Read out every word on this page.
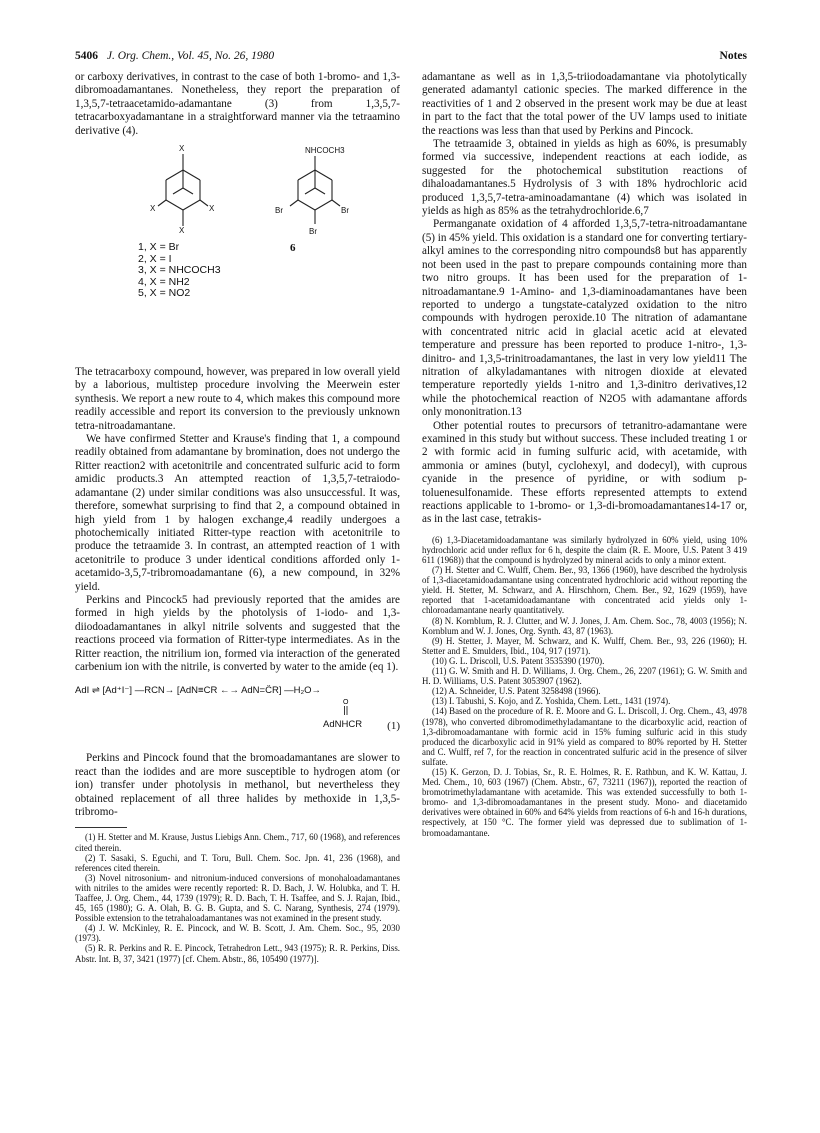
5406 J. Org. Chem., Vol. 45, No. 26, 1980	Notes

or carboxy derivatives, in contrast to the case of both 1-bromo- and 1,3-dibromoadamantanes. Nonetheless, they report the preparation of 1,3,5,7-tetraacetamido-adamantane (3) from 1,3,5,7-tetracarboxyadamantane in a straightforward manner via the tetraamino derivative (4).

X
X	X
X
NHCOCH3
Br	Br
Br
1, X = Br
2, X = I
3, X = NHCOCH3
4, X = NH2
5, X = NO2
6

The tetracarboxy compound, however, was prepared in low overall yield by a laborious, multistep procedure involving the Meerwein ester synthesis. We report a new route to 4, which makes this compound more readily accessible and report its conversion to the previously unknown tetra-nitroadamantane.

We have confirmed Stetter and Krause's finding that 1, a compound readily obtained from adamantane by bromination, does not undergo the Ritter reaction2 with acetonitrile and concentrated sulfuric acid to form amidic products.3 An attempted reaction of 1,3,5,7-tetraiodo-adamantane (2) under similar conditions was also unsuccessful. It was, therefore, somewhat surprising to find that 2, a compound obtained in high yield from 1 by halogen exchange,4 readily undergoes a photochemically initiated Ritter-type reaction with acetonitrile to produce the tetraamide 3. In contrast, an attempted reaction of 1 with acetonitrile to produce 3 under identical conditions afforded only 1-acetamido-3,5,7-tribromoadamantane (6), a new compound, in 32% yield.

Perkins and Pincock5 had previously reported that the amides are formed in high yields by the photolysis of 1-iodo- and 1,3-diiodoadamantanes in alkyl nitrile solvents and suggested that the reactions proceed via formation of Ritter-type intermediates. As in the Ritter reaction, the nitrilium ion, formed via interaction of the generated carbenium ion with the nitrile, is converted by water to the amide (eq 1).

AdI ⇌ [Ad⁺I⁻] —RCN→ [AdN≡CR ←→ AdN=C̈R] —H₂O→
O
AdNHCR (1)

Perkins and Pincock found that the bromoadamantanes are slower to react than the iodides and are more susceptible to hydrogen atom (or ion) transfer under photolysis in methanol, but nevertheless they obtained replacement of all three halides by methoxide in 1,3,5-tribromo-

(1) H. Stetter and M. Krause, Justus Liebigs Ann. Chem., 717, 60 (1968), and references cited therein.

(2) T. Sasaki, S. Eguchi, and T. Toru, Bull. Chem. Soc. Jpn. 41, 236 (1968), and references cited therein.

(3) Novel nitrosonium- and nitronium-induced conversions of monohaloadamantanes with nitriles to the amides were recently reported: R. D. Bach, J. W. Holubka, and T. H. Taaffee, J. Org. Chem., 44, 1739 (1979); R. D. Bach, T. H. Tsaffee, and S. J. Rajan, Ibid., 45, 165 (1980); G. A. Olah, B. G. B. Gupta, and S. C. Narang, Synthesis, 274 (1979). Possible extension to the tetrahaloadamantanes was not examined in the present study.

(4) J. W. McKinley, R. E. Pincock, and W. B. Scott, J. Am. Chem. Soc., 95, 2030 (1973).

(5) R. R. Perkins and R. E. Pincock, Tetrahedron Lett., 943 (1975); R. R. Perkins, Diss. Abstr. Int. B, 37, 3421 (1977) [cf. Chem. Abstr., 86, 105490 (1977)].

adamantane as well as in 1,3,5-triiodoadamantane via photolytically generated adamantyl cationic species. The marked difference in the reactivities of 1 and 2 observed in the present work may be due at least in part to the fact that the total power of the UV lamps used to initiate the reactions was less than that used by Perkins and Pincock.

The tetraamide 3, obtained in yields as high as 60%, is presumably formed via successive, independent reactions at each iodide, as suggested for the photochemical substitution reactions of dihaloadamantanes.5 Hydrolysis of 3 with 18% hydrochloric acid produced 1,3,5,7-tetra-aminoadamantane (4) which was isolated in yields as high as 85% as the tetrahydrochloride.6,7

Permanganate oxidation of 4 afforded 1,3,5,7-tetra-nitroadamantane (5) in 45% yield. This oxidation is a standard one for converting tertiary-alkyl amines to the corresponding nitro compounds8 but has apparently not been used in the past to prepare compounds containing more than two nitro groups. It has been used for the preparation of 1-nitroadamantane.9 1-Amino- and 1,3-diaminoadamantanes have been reported to undergo a tungstate-catalyzed oxidation to the nitro compounds with hydrogen peroxide.10 The nitration of adamantane with concentrated nitric acid in glacial acetic acid at elevated temperature and pressure has been reported to produce 1-nitro-, 1,3-dinitro- and 1,3,5-trinitroadamantanes, the last in very low yield11 The nitration of alkyladamantanes with nitrogen dioxide at elevated temperature reportedly yields 1-nitro and 1,3-dinitro derivatives,12 while the photochemical reaction of N2O5 with adamantane affords only mononitration.13

Other potential routes to precursors of tetranitro-adamantane were examined in this study but without success. These included treating 1 or 2 with formic acid in fuming sulfuric acid, with acetamide, with ammonia or amines (butyl, cyclohexyl, and dodecyl), with cuprous cyanide in the presence of pyridine, or with sodium p-toluenesulfonamide. These efforts represented attempts to extend reactions applicable to 1-bromo- or 1,3-di-bromoadamantanes14-17 or, as in the last case, tetrakis-

(6) 1,3-Diacetamidoadamantane was similarly hydrolyzed in 60% yield, using 10% hydrochloric acid under reflux for 6 h, despite the claim (R. E. Moore, U.S. Patent 3 419 611 (1968)) that the compound is hydrolyzed by mineral acids to only a minor extent.

(7) H. Stetter and C. Wulff, Chem. Ber., 93, 1366 (1960), have described the hydrolysis of 1,3-diacetamidoadamantane using concentrated hydrochloric acid without reporting the yield. H. Stetter, M. Schwarz, and A. Hirschhorn, Chem. Ber., 92, 1629 (1959), have reported that 1-acetamidoadamantane with concentrated acid yields only 1-chloroadamantane nearly quantitatively.

(8) N. Kornblum, R. J. Clutter, and W. J. Jones, J. Am. Chem. Soc., 78, 4003 (1956); N. Kornblum and W. J. Jones, Org. Synth. 43, 87 (1963).

(9) H. Stetter, J. Mayer, M. Schwarz, and K. Wulff, Chem. Ber., 93, 226 (1960); H. Stetter and E. Smulders, Ibid., 104, 917 (1971).

(10) G. L. Driscoll, U.S. Patent 3535390 (1970).

(11) G. W. Smith and H. D. Williams, J. Org. Chem., 26, 2207 (1961); G. W. Smith and H. D. Williams, U.S. Patent 3053907 (1962).

(12) A. Schneider, U.S. Patent 3258498 (1966).

(13) I. Tabushi, S. Kojo, and Z. Yoshida, Chem. Lett., 1431 (1974).

(14) Based on the procedure of R. E. Moore and G. L. Driscoll, J. Org. Chem., 43, 4978 (1978), who converted dibromodimethyladamantane to the dicarboxylic acid, reaction of 1,3-dibromoadamantane with formic acid in 15% fuming sulfuric acid in this study produced the dicarboxylic acid in 91% yield as compared to 80% reported by H. Stetter and C. Wulff, ref 7, for the reaction in concentrated sulfuric acid in the presence of silver sulfate.

(15) K. Gerzon, D. J. Tobias, Sr., R. E. Holmes, R. E. Rathbun, and K. W. Kattau, J. Med. Chem., 10, 603 (1967) (Chem. Abstr., 67, 73211 (1967)), reported the reaction of bromotrimethyladamantane with acetamide. This was extended successfully to both 1-bromo- and 1,3-dibromoadamantanes in the present study. Mono- and diacetamido derivatives were obtained in 60% and 64% yields from reactions of 6-h and 16-h durations, respectively, at 150 °C. The former yield was depressed due to sublimation of 1-bromoadamantane.
